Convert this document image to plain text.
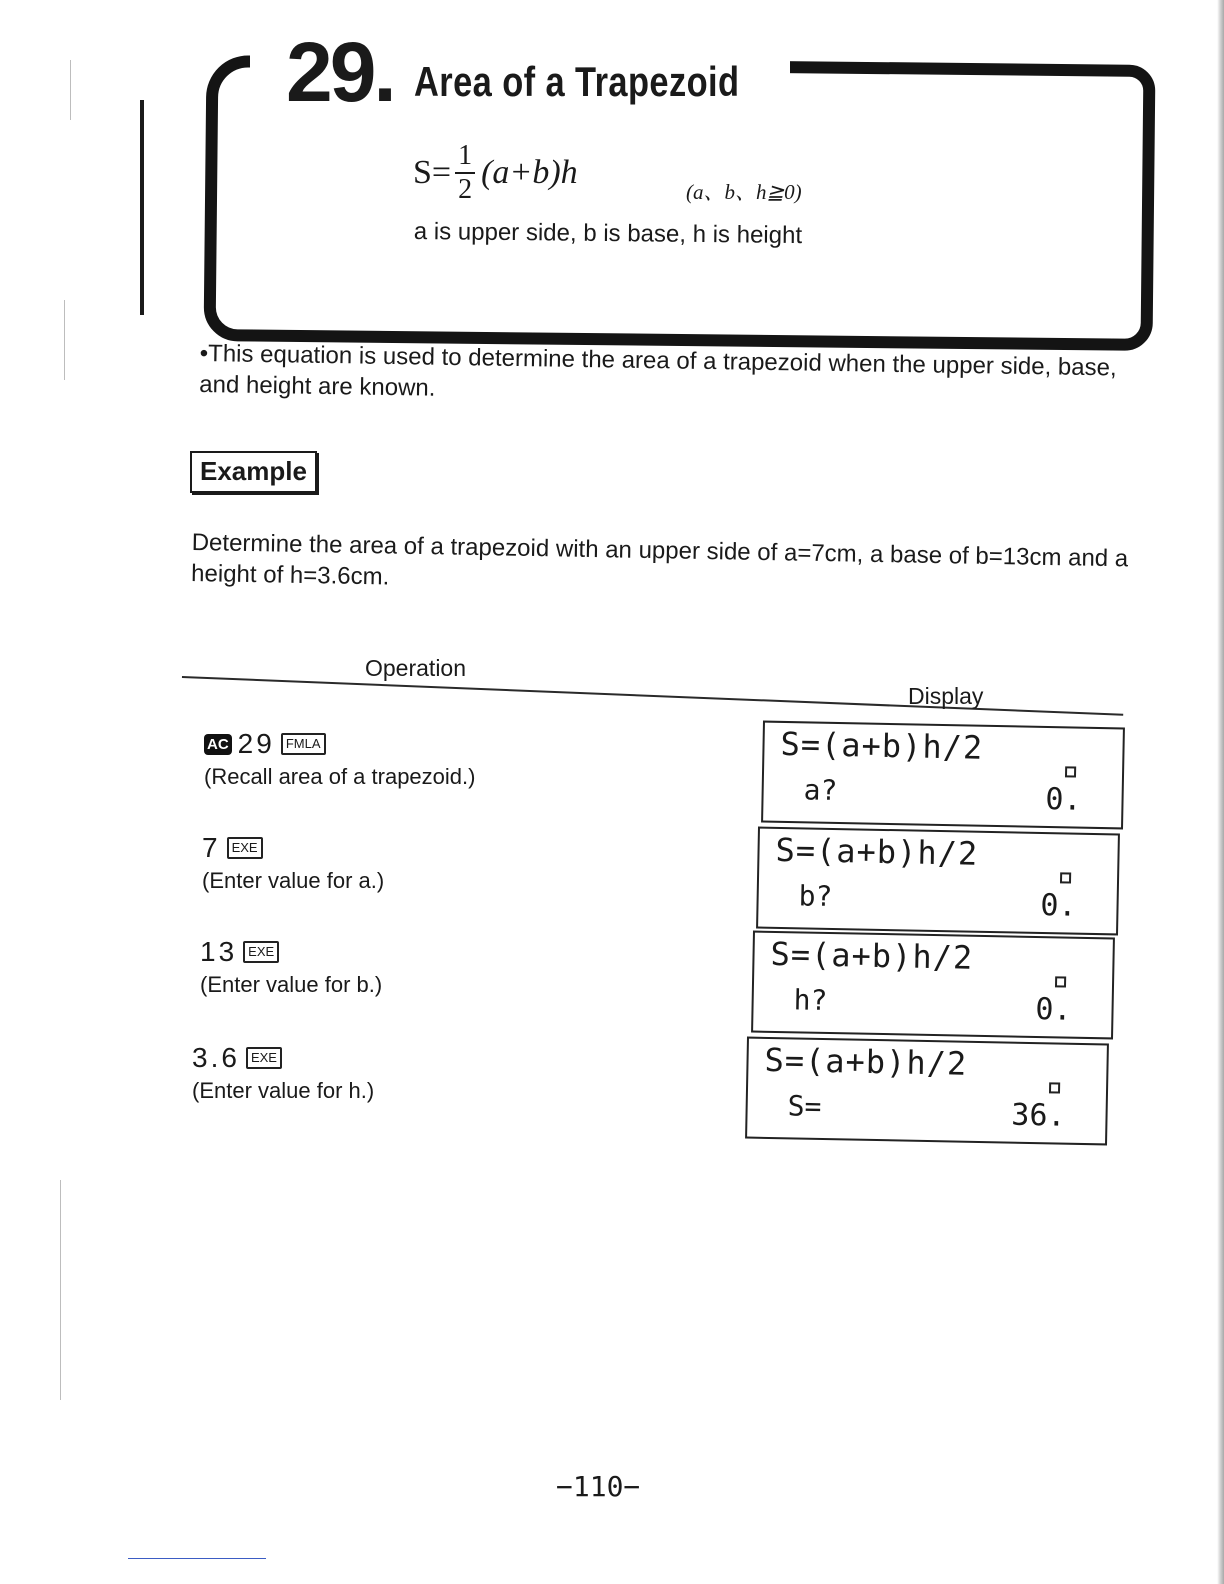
29. Area of a Trapezoid
$S= \frac{1}{2} (a+b)h$
(a、b、h≧0)
a is upper side, b is base, h is height
•This equation is used to determine the area of a trapezoid when the upper side, base, and height are known.
Example
Determine the area of a trapezoid with an upper side of a=7cm, a base of b=13cm and a height of h=3.6cm.
Operation
Display
AC 29 FMLA
(Recall area of a trapezoid.)
S=(a+b)h/2
a?	0.
7 EXE
(Enter value for a.)
S=(a+b)h/2
b?	0.
13 EXE
(Enter value for b.)
S=(a+b)h/2
h?	0.
3.6 EXE
(Enter value for h.)
S=(a+b)h/2
S=	36.
−110−
